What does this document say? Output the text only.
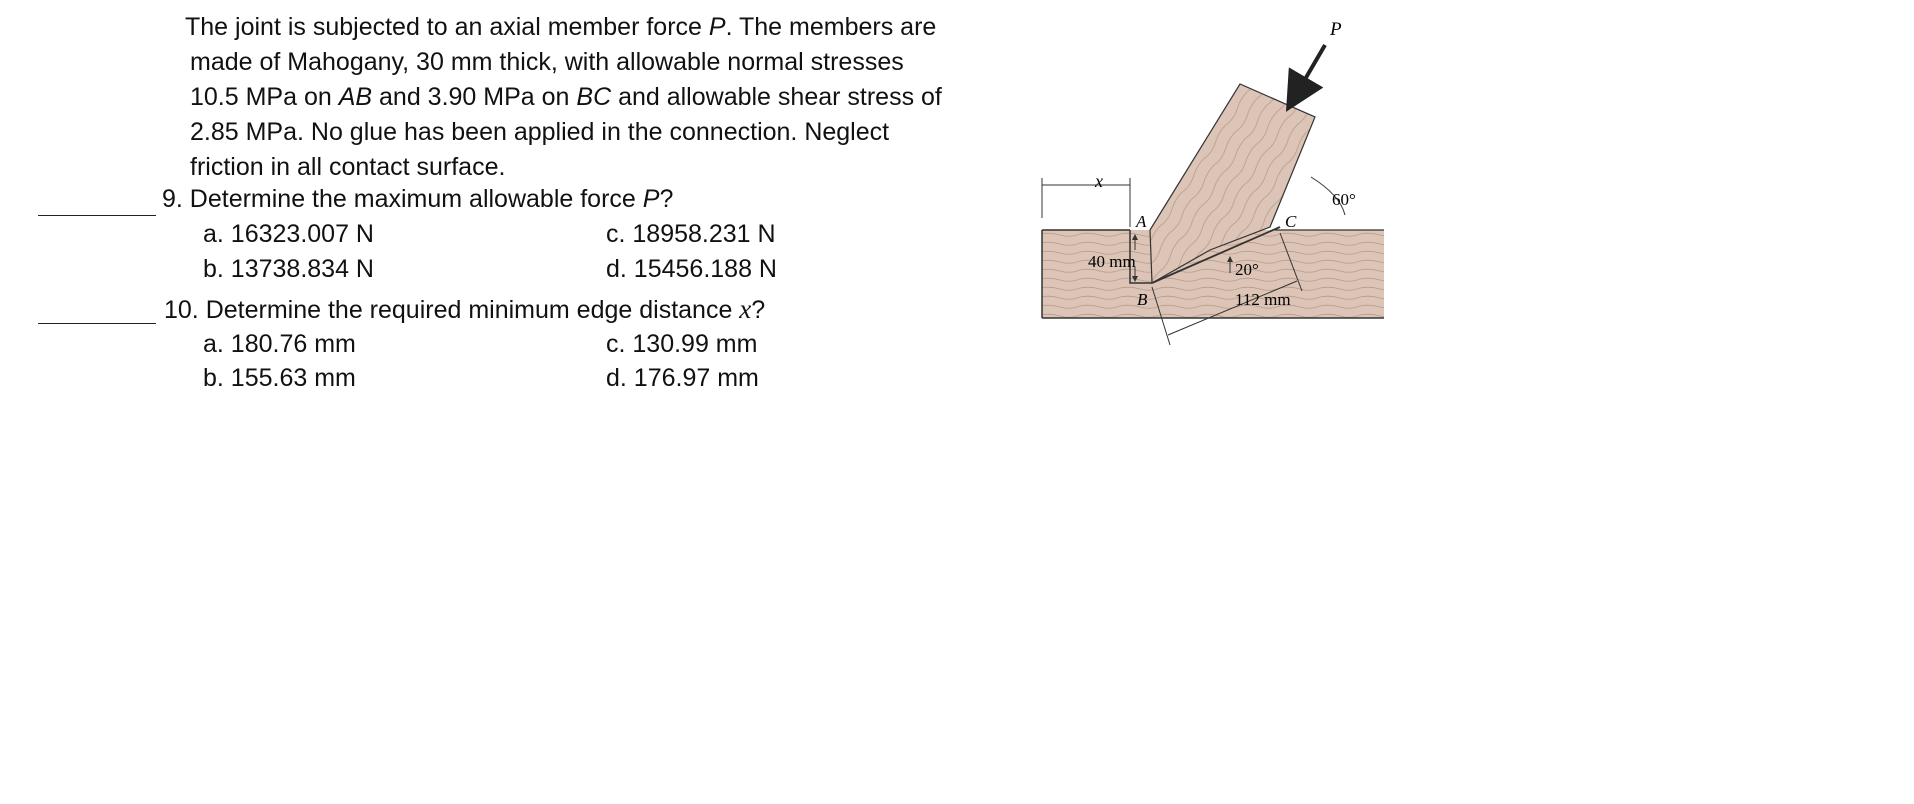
The joint is subjected to an axial member force P. The members are
made of Mahogany, 30 mm thick, with allowable normal stresses
10.5 MPa on AB and 3.90 MPa on BC and allowable shear stress of
2.85 MPa. No glue has been applied in the connection. Neglect
friction in all contact surface.
9. Determine the maximum allowable force P?
a. 16323.007 N	c. 18958.231 N
b. 13738.834 N	d. 15456.188 N
10. Determine the required minimum edge distance x?
a. 180.76 mm	c. 130.99 mm
b. 155.63 mm	d. 176.97 mm
P
x
A
B
C
40 mm	20°
112 mm
60°
